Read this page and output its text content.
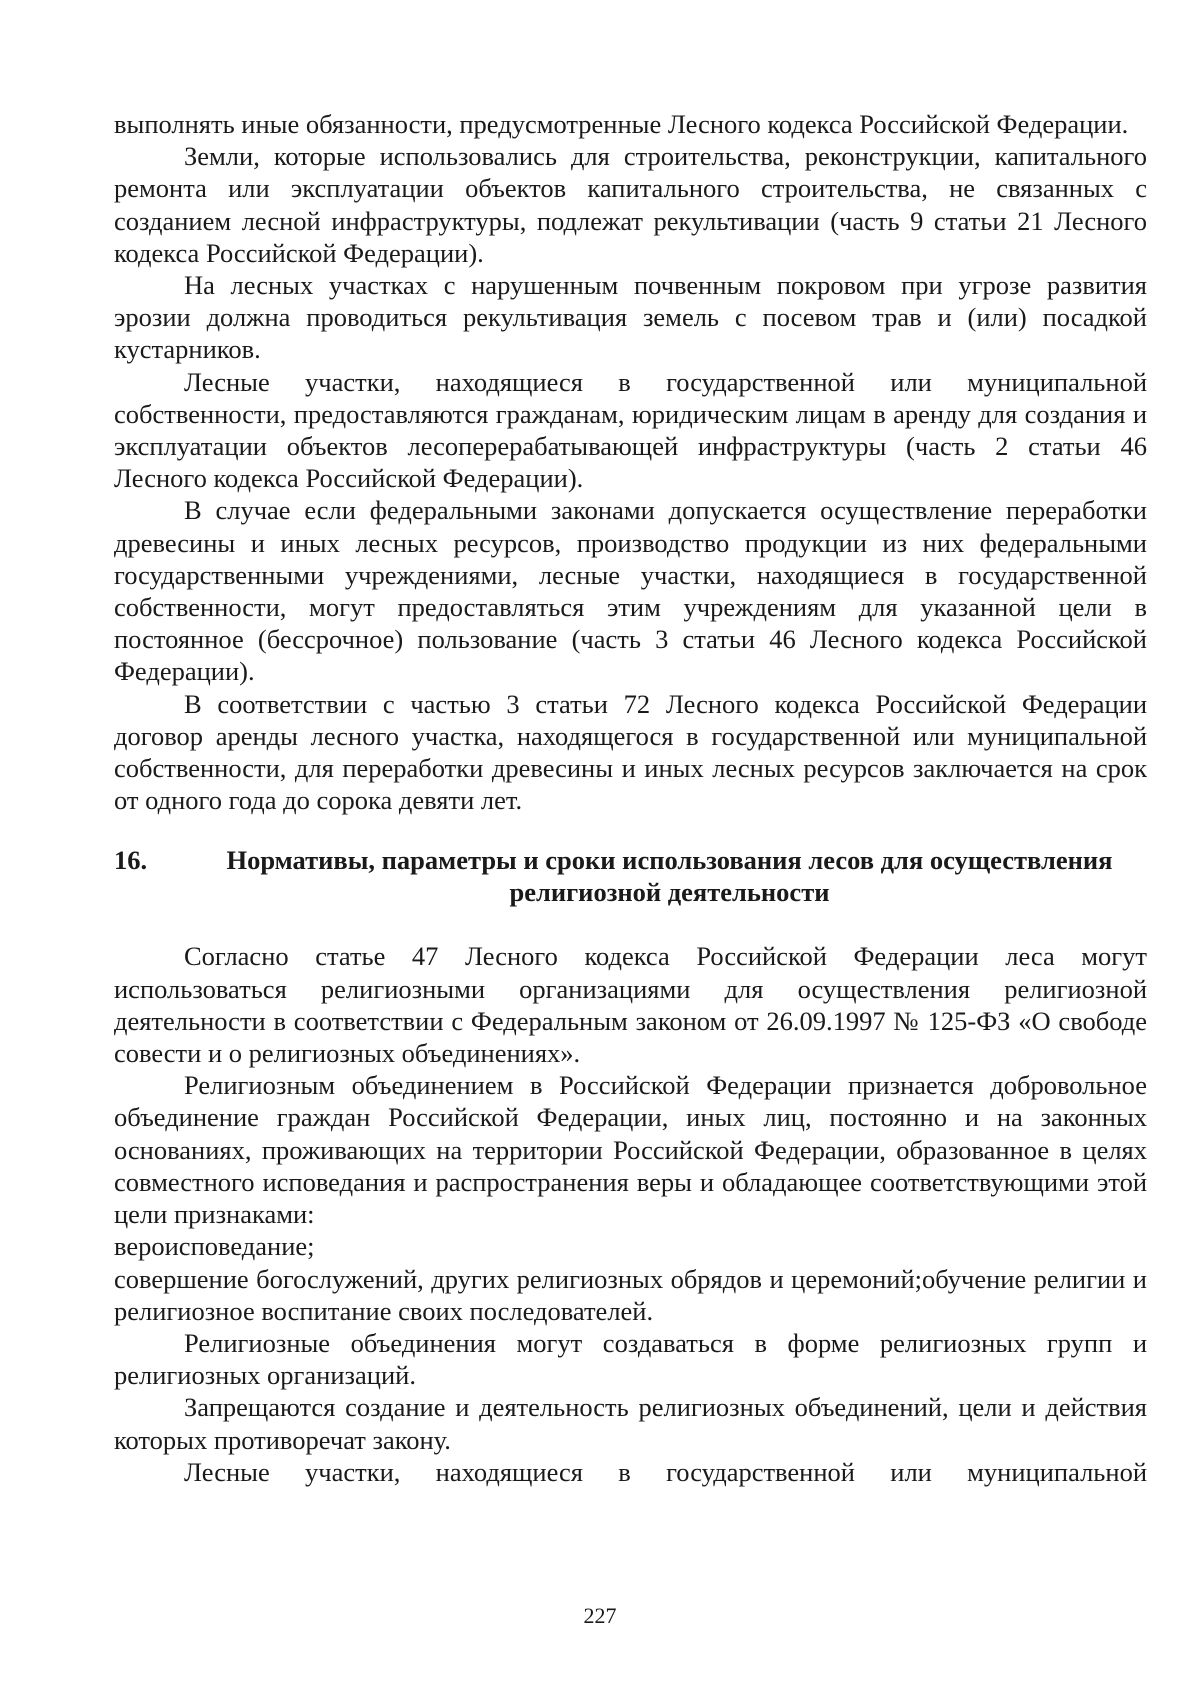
выполнять иные обязанности, предусмотренные Лесного кодекса Российской Федерации.

Земли, которые использовались для строительства, реконструкции, капитального ремонта или эксплуатации объектов капитального строительства, не связанных с созданием лесной инфраструктуры, подлежат рекультивации (часть 9 статьи 21 Лесного кодекса Российской Федерации).

На лесных участках с нарушенным почвенным покровом при угрозе развития эрозии должна проводиться рекультивация земель с посевом трав и (или) посадкой кустарников.

Лесные участки, находящиеся в государственной или муниципальной собственности, предоставляются гражданам, юридическим лицам в аренду для создания и эксплуатации объектов лесоперерабатывающей инфраструктуры (часть 2 статьи 46 Лесного кодекса Российской Федерации).

В случае если федеральными законами допускается осуществление переработки древесины и иных лесных ресурсов, производство продукции из них федеральными государственными учреждениями, лесные участки, находящиеся в государственной собственности, могут предоставляться этим учреждениям для указанной цели в постоянное (бессрочное) пользование (часть 3 статьи 46 Лесного кодекса Российской Федерации).

В соответствии с частью 3 статьи 72 Лесного кодекса Российской Федерации договор аренды лесного участка, находящегося в государственной или муниципальной собственности, для переработки древесины и иных лесных ресурсов заключается на срок от одного года до сорока девяти лет.

16.	Нормативы, параметры и сроки использования лесов для осуществления религиозной деятельности

Согласно статье 47 Лесного кодекса Российской Федерации леса могут использоваться религиозными организациями для осуществления религиозной деятельности в соответствии с Федеральным законом от 26.09.1997 № 125-ФЗ «О свободе совести и о религиозных объединениях».

Религиозным объединением в Российской Федерации признается добровольное объединение граждан Российской Федерации, иных лиц, постоянно и на законных основаниях, проживающих на территории Российской Федерации, образованное в целях совместного исповедания и распространения веры и обладающее соответствующими этой цели признаками:

вероисповедание;

совершение богослужений, других религиозных обрядов и церемоний;обучение религии и религиозное воспитание своих последователей.

Религиозные объединения могут создаваться в форме религиозных групп и религиозных организаций.

Запрещаются создание и деятельность религиозных объединений, цели и действия которых противоречат закону.

Лесные участки, находящиеся в государственной или муниципальной

227
